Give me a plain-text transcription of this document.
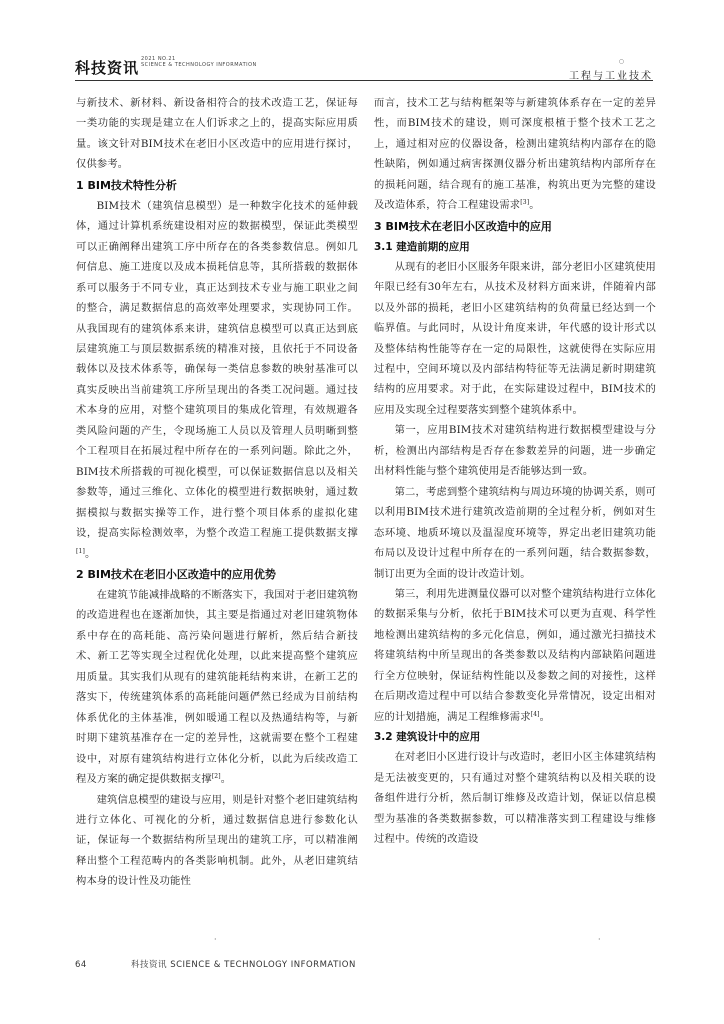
科技资讯 2021 NO.21
SCIENCE & TECHNOLOGY INFORMATION	○
工程与工业技术

与新技术、新材料、新设备相符合的技术改造工艺，保证每一类功能的实现是建立在人们诉求之上的，提高实际应用质量。该文针对BIM技术在老旧小区改造中的应用进行探讨，仅供参考。

1 BIM技术特性分析

BIM技术（建筑信息模型）是一种数字化技术的延伸载体，通过计算机系统建设相对应的数据模型，保证此类模型可以正确阐释出建筑工序中所存在的各类参数信息。例如几何信息、施工进度以及成本损耗信息等，其所搭载的数据体系可以服务于不同专业，真正达到技术专业与施工职业之间的整合，满足数据信息的高效率处理要求，实现协同工作。从我国现有的建筑体系来讲，建筑信息模型可以真正达到底层建筑施工与顶层数据系统的精准对接，且依托于不同设备载体以及技术体系等，确保每一类信息参数的映射基准可以真实反映出当前建筑工序所呈现出的各类工况问题。通过技术本身的应用，对整个建筑项目的集成化管理，有效规避各类风险问题的产生，令现场施工人员以及管理人员明晰到整个工程项目在拓展过程中所存在的一系列问题。除此之外，BIM技术所搭载的可视化模型，可以保证数据信息以及相关参数等，通过三维化、立体化的模型进行数据映射，通过数据模拟与数据实操等工作，进行整个项目体系的虚拟化建设，提高实际检测效率，为整个改造工程施工提供数据支撑[1]。

2 BIM技术在老旧小区改造中的应用优势

在建筑节能减排战略的不断落实下，我国对于老旧建筑物的改造进程也在逐渐加快，其主要是指通过对老旧建筑物体系中存在的高耗能、高污染问题进行解析，然后结合新技术、新工艺等实现全过程优化处理，以此来提高整个建筑应用质量。其实我们从现有的建筑能耗结构来讲，在新工艺的落实下，传统建筑体系的高耗能问题俨然已经成为目前结构体系优化的主体基准，例如暖通工程以及热通结构等，与新时期下建筑基准存在一定的差异性，这就需要在整个工程建设中，对原有建筑结构进行立体化分析，以此为后续改造工程及方案的确定提供数据支撑[2]。

建筑信息模型的建设与应用，则是针对整个老旧建筑结构进行立体化、可视化的分析，通过数据信息进行参数化认证，保证每一个数据结构所呈现出的建筑工序，可以精准阐释出整个工程范畴内的各类影响机制。此外，从老旧建筑结构本身的设计性及功能性

而言，技术工艺与结构框架等与新建筑体系存在一定的差异性，而BIM技术的建设，则可深度根植于整个技术工艺之上，通过相对应的仪器设备，检测出建筑结构内部存在的隐性缺陷，例如通过病害探测仪器分析出建筑结构内部所存在的损耗问题，结合现有的施工基准，构筑出更为完整的建设及改造体系，符合工程建设需求[3]。

3 BIM技术在老旧小区改造中的应用
3.1 建造前期的应用

从现有的老旧小区服务年限来讲，部分老旧小区建筑使用年限已经有30年左右，从技术及材料方面来讲，伴随着内部以及外部的损耗，老旧小区建筑结构的负荷量已经达到一个临界值。与此同时，从设计角度来讲，年代感的设计形式以及整体结构性能等存在一定的局限性，这就使得在实际应用过程中，空间环境以及内部结构特征等无法满足新时期建筑结构的应用要求。对于此，在实际建设过程中，BIM技术的应用及实现全过程要落实到整个建筑体系中。

第一，应用BIM技术对建筑结构进行数据模型建设与分析，检测出内部结构是否存在参数差异的问题，进一步确定出材料性能与整个建筑使用是否能够达到一致。

第二，考虑到整个建筑结构与周边环境的协调关系，则可以利用BIM技术进行建筑改造前期的全过程分析，例如对生态环境、地质环境以及温湿度环境等，界定出老旧建筑功能布局以及设计过程中所存在的一系列问题，结合数据参数，制订出更为全面的设计改造计划。

第三，利用先进测量仪器可以对整个建筑结构进行立体化的数据采集与分析，依托于BIM技术可以更为直观、科学性地检测出建筑结构的多元化信息，例如，通过激光扫描技术将建筑结构中所呈现出的各类参数以及结构内部缺陷问题进行全方位映射，保证结构性能以及参数之间的对接性，这样在后期改造过程中可以结合参数变化异常情况，设定出相对应的计划措施，满足工程维修需求[4]。

3.2 建筑设计中的应用

在对老旧小区进行设计与改造时，老旧小区主体建筑结构是无法被变更的，只有通过对整个建筑结构以及相关联的设备组件进行分析，然后制订维修及改造计划，保证以信息模型为基准的各类数据参数，可以精准落实到工程建设与维修过程中。传统的改造设

·	·
64	科技资讯 SCIENCE & TECHNOLOGY INFORMATION
